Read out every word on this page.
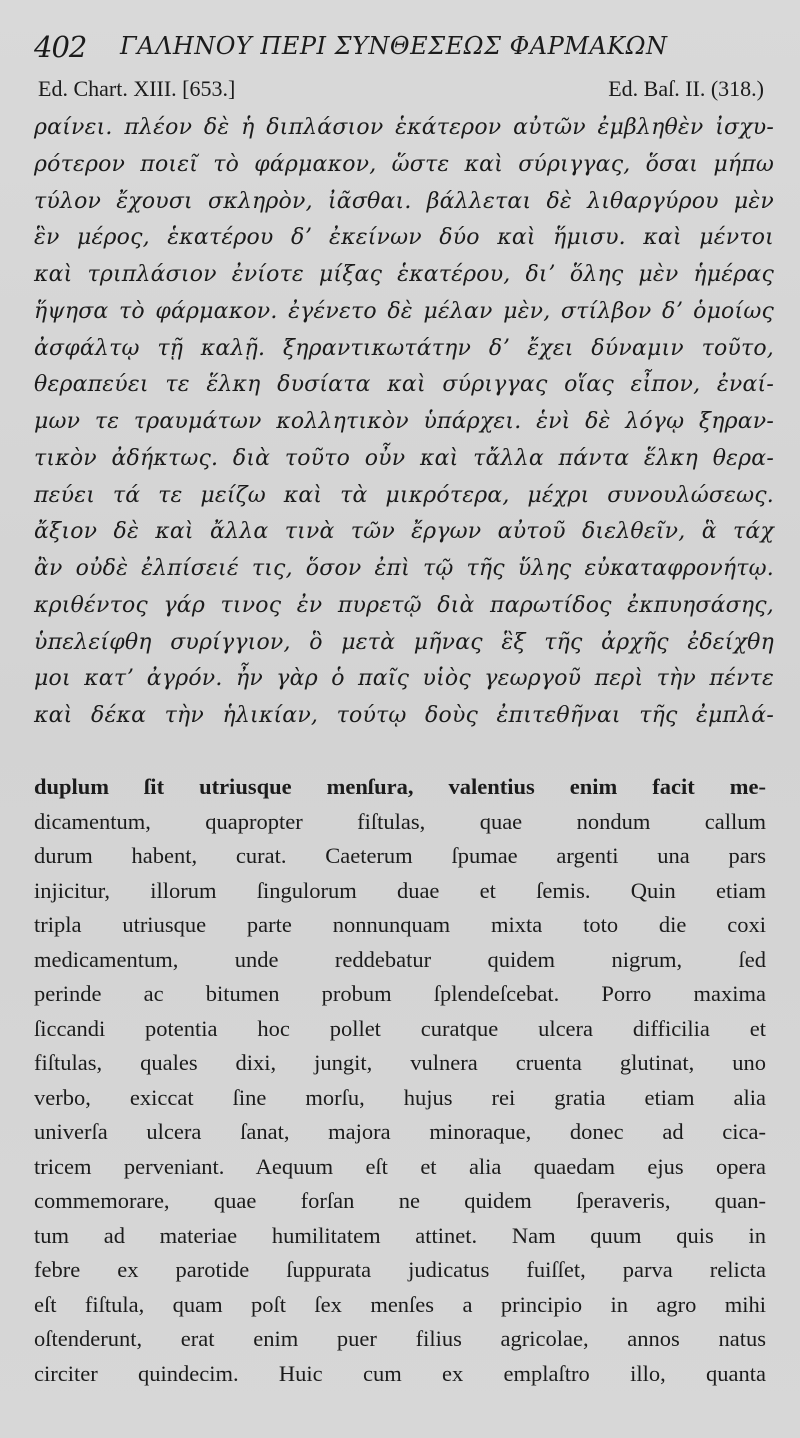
402 ΓΑΛΗΝΟΥ ΠΕΡΙ ΣΥΝΘΕΣΕΩΣ ΦΑΡΜΑΚΩΝ
Ed. Chart. XIII. [653.]	Ed. Baſ. II. (318.)
ραίνει. πλέον δὲ ἡ διπλάσιον ἑκάτερον αὐτῶν ἐμβληθὲν ἰσχυ-
ρότερον ποιεῖ τὸ φάρμακον, ὥστε καὶ σύριγγας, ὅσαι μήπω
τύλον ἔχουσι σκληρὸν, ἰᾶσθαι. βάλλεται δὲ λιθαργύρου μὲν
ἓν μέρος, ἑκατέρου δʼ ἐκείνων δύο καὶ ἥμισυ. καὶ μέντοι
καὶ τριπλάσιον ἐνίοτε μίξας ἑκατέρου, διʼ ὅλης μὲν ἡμέρας
ἥψησα τὸ φάρμακον. ἐγένετο δὲ μέλαν μὲν, στίλβον δʼ ὁμοίως
ἀσφάλτῳ τῇ καλῇ. ξηραντικωτάτην δʼ ἔχει δύναμιν τοῦτο,
θεραπεύει τε ἕλκη δυσίατα καὶ σύριγγας οἵας εἶπον, ἐναί-
μων τε τραυμάτων κολλητικὸν ὑπάρχει. ἑνὶ δὲ λόγῳ ξηραν-
τικὸν ἀδήκτως. διὰ τοῦτο οὖν καὶ τἄλλα πάντα ἕλκη θερα-
πεύει τά τε μείζω καὶ τὰ μικρότερα, μέχρι συνουλώσεως.
ἄξιον δὲ καὶ ἄλλα τινὰ τῶν ἔργων αὐτοῦ διελθεῖν, ἃ τάχ
ἂν οὐδὲ ἐλπίσειέ τις, ὅσον ἐπὶ τῷ τῆς ὕλης εὐκαταφρονήτῳ.
κριθέντος γάρ τινος ἐν πυρετῷ διὰ παρωτίδος ἐκπυησάσης,
ὑπελείφθη συρίγγιον, ὃ μετὰ μῆνας ἓξ τῆς ἀρχῆς ἐδείχθη
μοι κατʼ ἀγρόν. ἦν γὰρ ὁ παῖς υἱὸς γεωργοῦ περὶ τὴν πέντε
καὶ δέκα τὴν ἡλικίαν, τούτῳ δοὺς ἐπιτεθῆναι τῆς ἐμπλά-
duplum ſit utriusque menſura, valentius enim facit me-
dicamentum, quapropter fiſtulas, quae nondum callum
durum habent, curat. Caeterum ſpumae argenti una pars
injicitur, illorum ſingulorum duae et ſemis. Quin etiam
tripla utriusque parte nonnunquam mixta toto die coxi
medicamentum, unde reddebatur quidem nigrum, ſed
perinde ac bitumen probum ſplendeſcebat. Porro maxima
ſiccandi potentia hoc pollet curatque ulcera difficilia et
fiſtulas, quales dixi, jungit, vulnera cruenta glutinat, uno
verbo, exiccat ſine morſu, hujus rei gratia etiam alia
univerſa ulcera ſanat, majora minoraque, donec ad cica-
tricem perveniant. Aequum eſt et alia quaedam ejus opera
commemorare, quae forſan ne quidem ſperaveris, quan-
tum ad materiae humilitatem attinet. Nam quum quis in
febre ex parotide ſuppurata judicatus fuiſſet, parva relicta
eſt fiſtula, quam poſt ſex menſes a principio in agro mihi
oſtenderunt, erat enim puer filius agricolae, annos natus
circiter quindecim. Huic cum ex emplaſtro illo, quanta
